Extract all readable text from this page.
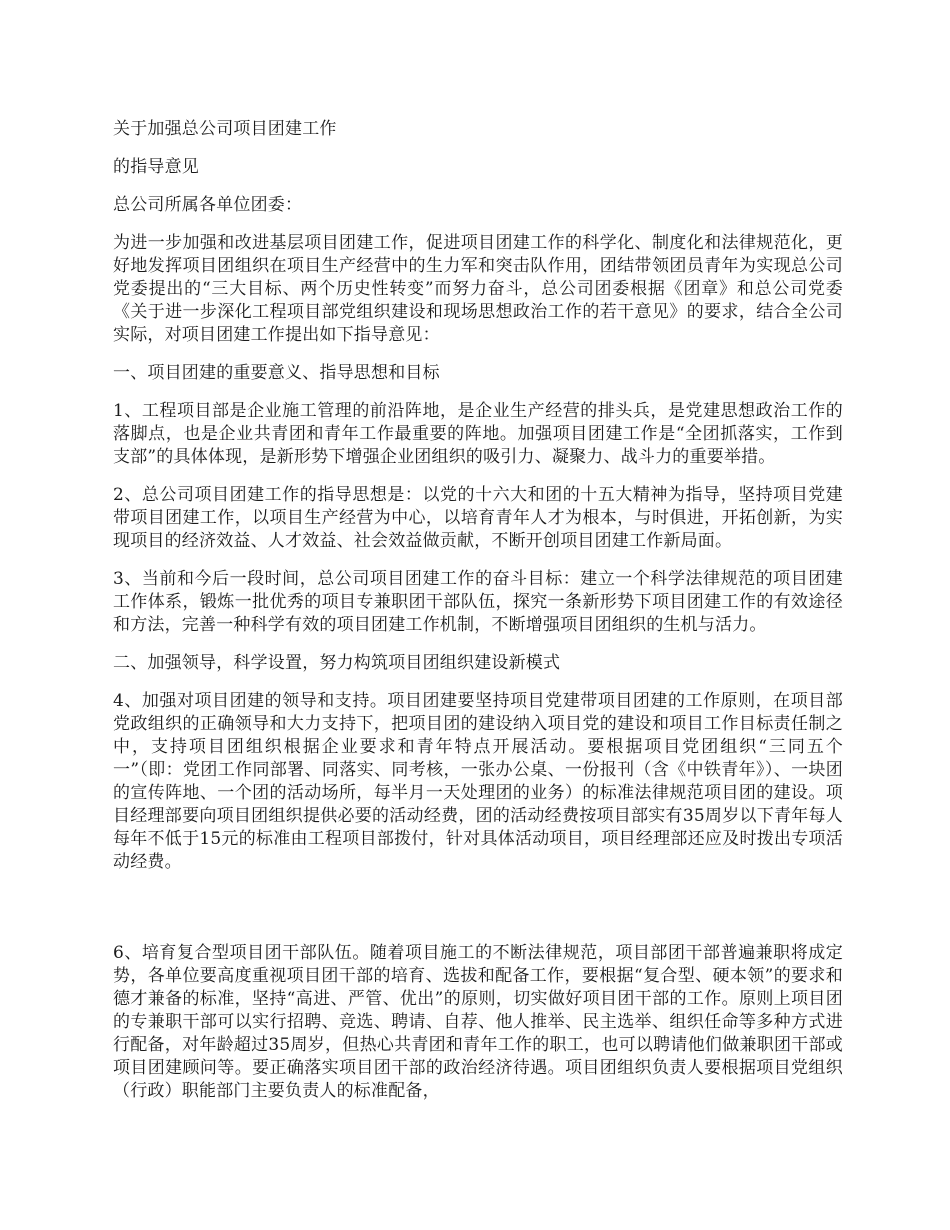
关于加强总公司项目团建工作

的指导意见

总公司所属各单位团委：

为进一步加强和改进基层项目团建工作，促进项目团建工作的科学化、制度化和法律规范化，更好地发挥项目团组织在项目生产经营中的生力军和突击队作用，团结带领团员青年为实现总公司党委提出的“三大目标、两个历史性转变”而努力奋斗，总公司团委根据《团章》和总公司党委《关于进一步深化工程项目部党组织建设和现场思想政治工作的若干意见》的要求，结合全公司实际，对项目团建工作提出如下指导意见：

一、项目团建的重要意义、指导思想和目标

1、工程项目部是企业施工管理的前沿阵地，是企业生产经营的排头兵，是党建思想政治工作的落脚点，也是企业共青团和青年工作最重要的阵地。加强项目团建工作是“全团抓落实，工作到支部”的具体体现，是新形势下增强企业团组织的吸引力、凝聚力、战斗力的重要举措。

2、总公司项目团建工作的指导思想是：以党的十六大和团的十五大精神为指导，坚持项目党建带项目团建工作，以项目生产经营为中心，以培育青年人才为根本，与时俱进，开拓创新，为实现项目的经济效益、人才效益、社会效益做贡献，不断开创项目团建工作新局面。

3、当前和今后一段时间，总公司项目团建工作的奋斗目标：建立一个科学法律规范的项目团建工作体系，锻炼一批优秀的项目专兼职团干部队伍，探究一条新形势下项目团建工作的有效途径和方法，完善一种科学有效的项目团建工作机制，不断增强项目团组织的生机与活力。

二、加强领导，科学设置，努力构筑项目团组织建设新模式

4、加强对项目团建的领导和支持。项目团建要坚持项目党建带项目团建的工作原则，在项目部党政组织的正确领导和大力支持下，把项目团的建设纳入项目党的建设和项目工作目标责任制之中，支持项目团组织根据企业要求和青年特点开展活动。要根据项目党团组织“三同五个一”（即：党团工作同部署、同落实、同考核，一张办公桌、一份报刊（含《中铁青年》）、一块团的宣传阵地、一个团的活动场所，每半月一天处理团的业务）的标准法律规范项目团的建设。项目经理部要向项目团组织提供必要的活动经费，团的活动经费按项目部实有35周岁以下青年每人每年不低于15元的标准由工程项目部拨付，针对具体活动项目，项目经理部还应及时拨出专项活动经费。

6、培育复合型项目团干部队伍。随着项目施工的不断法律规范，项目部团干部普遍兼职将成定势，各单位要高度重视项目团干部的培育、选拔和配备工作，要根据“复合型、硬本领”的要求和德才兼备的标准，坚持“高进、严管、优出”的原则，切实做好项目团干部的工作。原则上项目团的专兼职干部可以实行招聘、竞选、聘请、自荐、他人推举、民主选举、组织任命等多种方式进行配备，对年龄超过35周岁，但热心共青团和青年工作的职工，也可以聘请他们做兼职团干部或项目团建顾问等。要正确落实项目团干部的政治经济待遇。项目团组织负责人要根据项目党组织（行政）职能部门主要负责人的标准配备，
